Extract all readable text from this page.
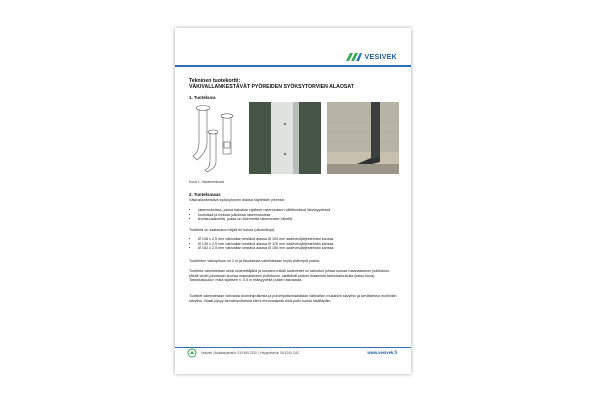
VESIVEK
Tekninen tuotekortti:
VÄKIVALLANKESTÄVÄT PYÖREIDEN SYÖKSYTORVIEN ALAOSAT
1. Tuotekuva
Kuva 1. Havainnekuvat
2. Tuotekuvaus
Väkivallankestävä syöksytorven alaosa käytetään yleensä:
• rakennuksissa, joissa katualue sijaitsee rakennuksen välittömässä läheisyydessä
• kouluissa ja muissa julkisissa rakennuksissa
• teollisuusalueilla, joissa on liikennettä rakennusten lähellä
Tuotteita on saatavana neljää eri kokoa (ulkomittoja):
• Ø 108 x 2,5 mm väkivallan kestävä alaosa Ø 100 mm sadevesijärjestelmän kanssa
• Ø 135 x 2,5 mm väkivallan kestävä alaosa Ø 120 mm sadevesijärjestelmän kanssa
• Ø 162 x 2,5 mm väkivallan kestävä alaosa Ø 150 mm sadevesijärjestelmän kanssa
Tuotteiden vakiopituus on 2 m ja tilauksesta valmistetaan myös pidempiä putkia.
Tuotteita valmistetaan sekä ulosheittäjällä ja suorana mikäli sadevedet on tarkoitus johtaa suoraa maanalaiseen putkistoon. Mikäli vedet johdetaan suoraa maanalaiseen putkistoon, sisältävät putken tilaamista tarkistusluukulla (katso kuva). Tarkistusluukun reikä sijaitsee n. 0,5 m etäisyydellä putken alaosasta.
Tuotteet valmistetaan vahvasta alumiiniputkesta ja pulverijoittomaalataan värikartan mukaisiin sävyihin ja tarvittaessa muihinkin sävyihin. Maali pysyy alumiiniputkessa kiinni erinomaisesti eikä putki ruostu sisältäpäin.
Vesivek | Asiakaspalvelu: 010 455 2220 | Yrityspalvelut: 06 4240 1110	www.vesivek.fi
